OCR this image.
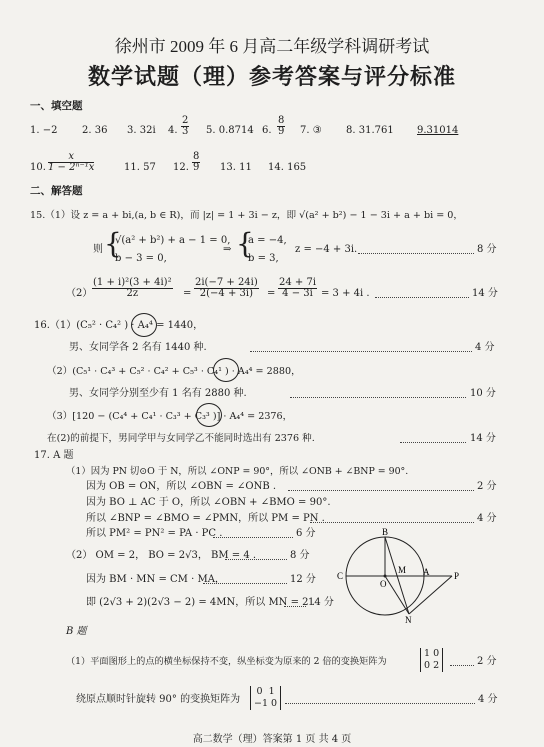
徐州市 2009 年 6 月高二年级学科调研考试
数学试题（理）参考答案与评分标准
一、填空题
1. −2 2. 36 3. 32i 4. $\frac{2}{3} 5$. 0.8714 6. $\frac{8}{9} 7$. ③ 8. 31.761 9.31014
10. $\frac{x}{\text{1 − 2ⁿ⁻¹x}}$	11. 57 12. $\frac{8}{9} 13$. 11 14. 165
二、解答题
15.（1）设 z = a + bi,(a, b ∈ R)，而 |z| = 1 + 3i − z，即 √(a² + b²) − 1 − 3i + a + bi = 0，
则 {
√(a² + b²) + a − 1 = 0,
b − 3 = 0,
⇒ {
a = −4,
b = 3,
z = −4 + 3i.	8 分
$(2) \frac{\text{(1 + i)²(3 + 4i)²}}{2z} = \frac{2i(-7 + 24i)}{2(-4 + 3i)} = \frac{24 + 7i}{4 - 3i} = 3 + 4i$ .	14 分
16.（1）(C₅² · C₄² ) · A₄⁴ = 1440，
男、女同学各 2 名有 1440 种.	4 分
（2）(C₅¹ · C₄³ + C₅² · C₄² + C₅³ · C₄¹ ) · A₄⁴ = 2880，
男、女同学分别至少有 1 名有 2880 种.	10 分
（3）[120 − (C₄⁴ + C₄¹ · C₃³ + C₃³ )] · A₄⁴ = 2376，
在(2)的前提下，男同学甲与女同学乙不能同时选出有 2376 种.	14 分
17. A 题
（1）因为 PN 切⊙O 于 N，所以 ∠ONP = 90°，所以 ∠ONB + ∠BNP = 90°.
因为 OB = ON，所以 ∠OBN = ∠ONB .	2 分
因为 BO ⊥ AC 于 O，所以 ∠OBN + ∠BMO = 90°.
所以 ∠BNP = ∠BMO = ∠PMN，所以 PM = PN .	4 分
所以 PM² = PN² = PA · PC .	6 分
（2） OM = 2， BO = 2√3， BM = 4 .	8 分
因为 BM · MN = CM · MA，	12 分
即 (2√3 + 2)(2√3 − 2) = 4MN，所以 MN = 2 .
14 分
B
C
O
M A	P
N
B 题
（1）平面图形上的点的横坐标保持不变，纵坐标变为原来的 2 倍的变换矩阵为
1 0
0 2	2 分
绕原点顺时针旋转 90° 的变换矩阵为
0 1
−1 0	4 分
高二数学（理）答案第 1 页 共 4 页
